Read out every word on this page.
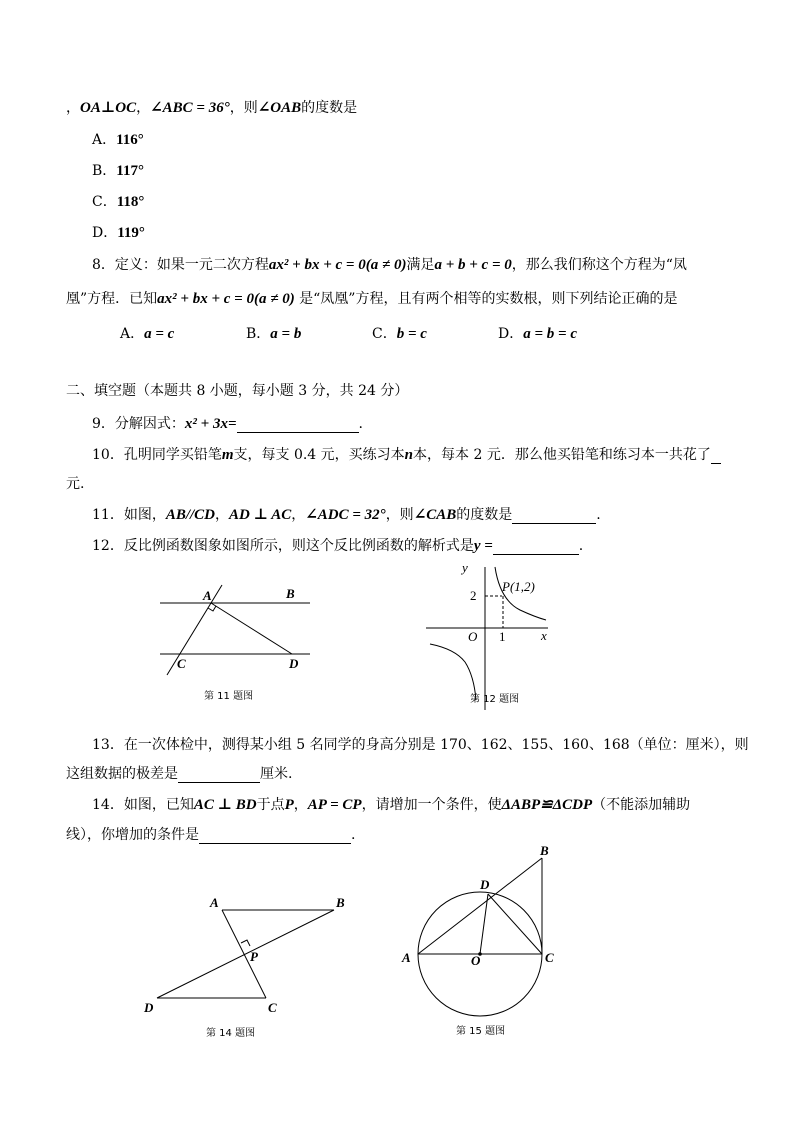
，OA⊥OC，∠ABC = 36°，则∠OAB的度数是
A．116°
B．117°
C．118°
D．119°
8．定义：如果一元二次方程ax² + bx + c = 0(a ≠ 0)满足a + b + c = 0，那么我们称这个方程为“凤
凰”方程．已知ax² + bx + c = 0(a ≠ 0) 是“凤凰”方程，且有两个相等的实数根，则下列结论正确的是
A．a = c	B．a = b	C．b = c	D．a = b = c
二、填空题（本题共 8 小题，每小题 3 分，共 24 分）
9．分解因式：x² + 3x=	.
10．孔明同学买铅笔m支，每支 0.4 元，买练习本n本，每本 2 元．那么他买铅笔和练习本一共花了
元.
11．如图，AB//CD，AD ⊥ AC，∠ADC = 32°，则∠CAB的度数是	.
12．反比例函数图象如图所示，则这个反比例函数的解析式是y =	.
A	B
C	D
第 11 题图
y
x
O
2
1
P(1,2)
第 12 题图
13．在一次体检中，测得某小组 5 名同学的身高分别是 170、162、155、160、168（单位：厘米），则
这组数据的极差是	厘米.
14．如图，已知AC ⊥ BD于点P，AP = CP，请增加一个条件，使ΔABP≌ΔCDP（不能添加辅助
线），你增加的条件是	.
A	B
P
D	C
第 14 题图
B
D
A	O	C
第 15 题图
